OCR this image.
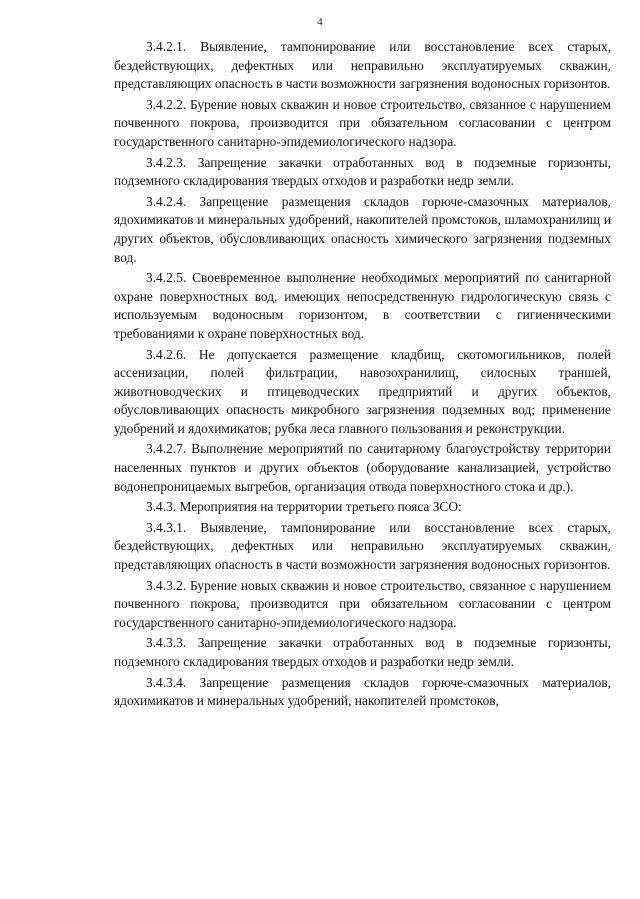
4

3.4.2.1. Выявление, тампонирование или восстановление всех старых, бездействующих, дефектных или неправильно эксплуатируемых скважин, представляющих опасность в части возможности загрязнения водоносных горизонтов.

3.4.2.2. Бурение новых скважин и новое строительство, связанное с нарушением почвенного покрова, производится при обязательном согласовании с центром государственного санитарно-эпидемиологического надзора.

3.4.2.3. Запрещение закачки отработанных вод в подземные горизонты, подземного складирования твердых отходов и разработки недр земли.

3.4.2.4. Запрещение размещения складов горюче-смазочных материалов, ядохимикатов и минеральных удобрений, накопителей промстоков, шламохранилищ и других объектов, обусловливающих опасность химического загрязнения подземных вод.

3.4.2.5. Своевременное выполнение необходимых мероприятий по санитарной охране поверхностных вод, имеющих непосредственную гидрологическую связь с используемым водоносным горизонтом, в соответствии с гигиеническими требованиями к охране поверхностных вод.

3.4.2.6. Не допускается размещение кладбищ, скотомогильников, полей ассенизации, полей фильтрации, навозохранилищ, силосных траншей, животноводческих и птицеводческих предприятий и других объектов, обусловливающих опасность микробного загрязнения подземных вод; применение удобрений и ядохимикатов; рубка леса главного пользования и реконструкции.

3.4.2.7. Выполнение мероприятий по санитарному благоустройству территории населенных пунктов и других объектов (оборудование канализацией, устройство водонепроницаемых выгребов, организация отвода поверхностного стока и др.).

3.4.3. Мероприятия на территории третьего пояса ЗСО:

3.4.3.1. Выявление, тампонирование или восстановление всех старых, бездействующих, дефектных или неправильно эксплуатируемых скважин, представляющих опасность в части возможности загрязнения водоносных горизонтов.

3.4.3.2. Бурение новых скважин и новое строительство, связанное с нарушением почвенного покрова, производится при обязательном согласовании с центром государственного санитарно-эпидемиологического надзора.

3.4.3.3. Запрещение закачки отработанных вод в подземные горизонты, подземного складирования твердых отходов и разработки недр земли.

3.4.3.4. Запрещение размещения складов горюче-смазочных материалов, ядохимикатов и минеральных удобрений, накопителей промстоков,
